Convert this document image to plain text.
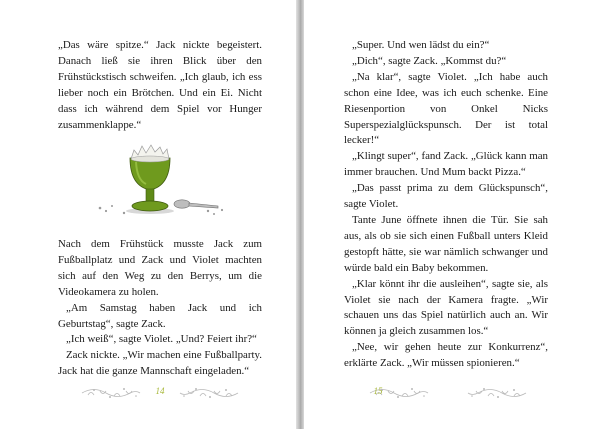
„Das wäre spitze.“ Jack nickte begeistert. Danach ließ sie ihren Blick über den Frühstückstisch schweifen. „Ich glaub, ich ess lieber noch ein Brötchen. Und ein Ei. Nicht dass ich während dem Spiel vor Hunger zusammenklappe.“

Nach dem Frühstück musste Jack zum Fußballplatz und Zack und Violet machten sich auf den Weg zu den Berrys, um die Videokamera zu holen.

„Am Samstag haben Jack und ich Geburtstag“, sagte Zack.

„Ich weiß“, sagte Violet. „Und? Feiert ihr?“

Zack nickte. „Wir machen eine Fußballparty. Jack hat die ganze Mannschaft eingeladen.“

14

„Super. Und wen lädst du ein?“

„Dich“, sagte Zack. „Kommst du?“

„Na klar“, sagte Violet. „Ich habe auch schon eine Idee, was ich euch schenke. Eine Riesenportion von Onkel Nicks Superspezialglückspunsch. Der ist total lecker!“

„Klingt super“, fand Zack. „Glück kann man immer brauchen. Und Mum backt Pizza.“

„Das passt prima zu dem Glückspunsch“, sagte Violet.

Tante June öffnete ihnen die Tür. Sie sah aus, als ob sie sich einen Fußball unters Kleid gestopft hätte, sie war nämlich schwanger und würde bald ein Baby bekommen.

„Klar könnt ihr die ausleihen“, sagte sie, als Violet sie nach der Kamera fragte. „Wir schauen uns das Spiel natürlich auch an. Wir können ja gleich zusammen los.“

„Nee, wir gehen heute zur Konkurrenz“, erklärte Zack. „Wir müssen spionieren.“

15
